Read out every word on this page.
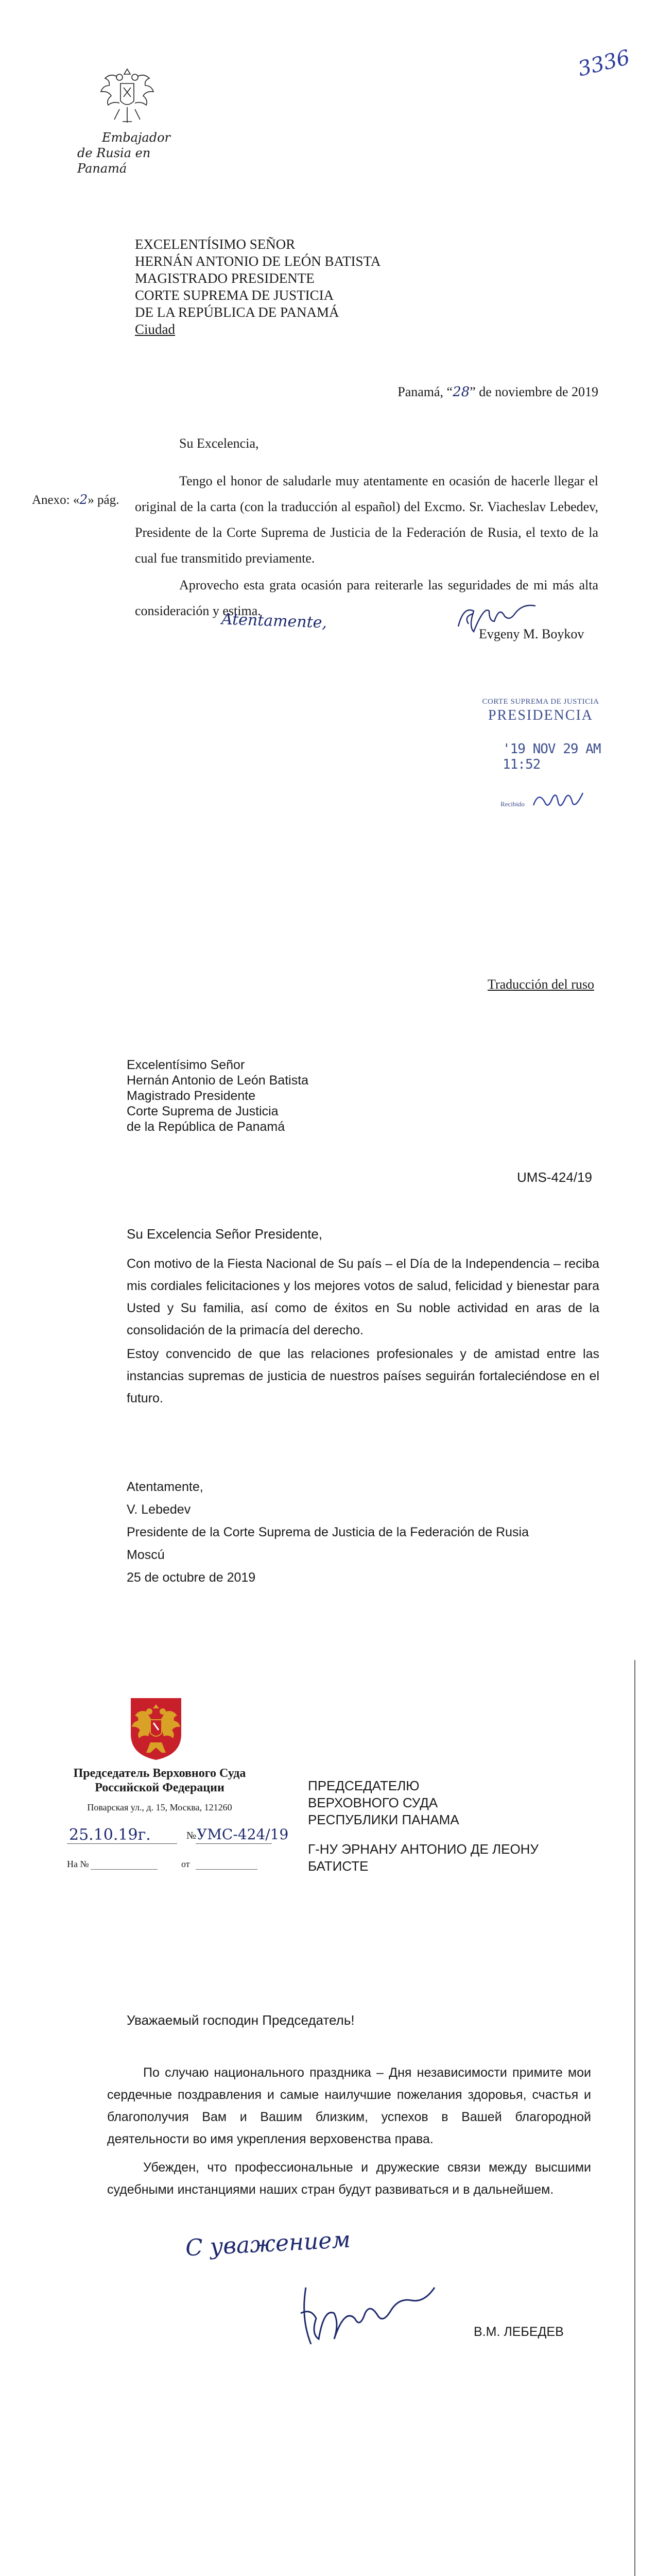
Embajador
de Rusia en Panamá
3336
EXCELENTÍSIMO SEÑOR
HERNÁN ANTONIO DE LEÓN BATISTA
MAGISTRADO PRESIDENTE
CORTE SUPREMA DE JUSTICIA
DE LA REPÚBLICA DE PANAMÁ
Ciudad
Panamá, “28” de noviembre de 2019
Su Excelencia,
Anexo: «2» pág.
Tengo el honor de saludarle muy atentamente en ocasión de hacerle llegar el original de la carta (con la traducción al español) del Excmo. Sr. Viacheslav Lebedev, Presidente de la Corte Suprema de Justicia de la Federación de Rusia, el texto de la cual fue transmitido previamente.
Aprovecho esta grata ocasión para reiterarle las seguridades de mi más alta consideración y estima.
Atentamente,
Evgeny M. Boykov
CORTE SUPREMA DE JUSTICIA
PRESIDENCIA
'19 NOV 29 AM 11:52
Recibido
Traducción del ruso
Excelentísimo Señor
Hernán Antonio de León Batista
Magistrado Presidente
Corte Suprema de Justicia
de la República de Panamá
UMS-424/19
Su Excelencia Señor Presidente,
Con motivo de la Fiesta Nacional de Su país – el Día de la Independencia – reciba mis cordiales felicitaciones y los mejores votos de salud, felicidad y bienestar para Usted y Su familia, así como de éxitos en Su noble actividad en aras de la consolidación de la primacía del derecho.
Estoy convencido de que las relaciones profesionales y de amistad entre las instancias supremas de justicia de nuestros países seguirán fortaleciéndose en el futuro.
Atentamente,
V. Lebedev
Presidente de la Corte Suprema de Justicia de la Federación de Rusia
Moscú
25 de octubre de 2019
Председатель Верховного Суда
Российской Федерации
Поварская ул., д. 15, Москва, 121260
25.10.19г.	№ УМС-424/19
На №	от
ПРЕДСЕДАТЕЛЮ
ВЕРХОВНОГО СУДА
РЕСПУБЛИКИ ПАНАМА
Г-НУ ЭРНАНУ АНТОНИО ДЕ ЛЕОНУ
БАТИСТЕ
Уважаемый господин Председатель!
По случаю национального праздника – Дня независимости примите мои сердечные поздравления и самые наилучшие пожелания здоровья, счастья и благополучия Вам и Вашим близким, успехов в Вашей благородной деятельности во имя укрепления верховенства права.
Убежден, что профессиональные и дружеские связи между высшими судебными инстанциями наших стран будут развиваться и в дальнейшем.
С уважением
В.М. ЛЕБЕДЕВ
